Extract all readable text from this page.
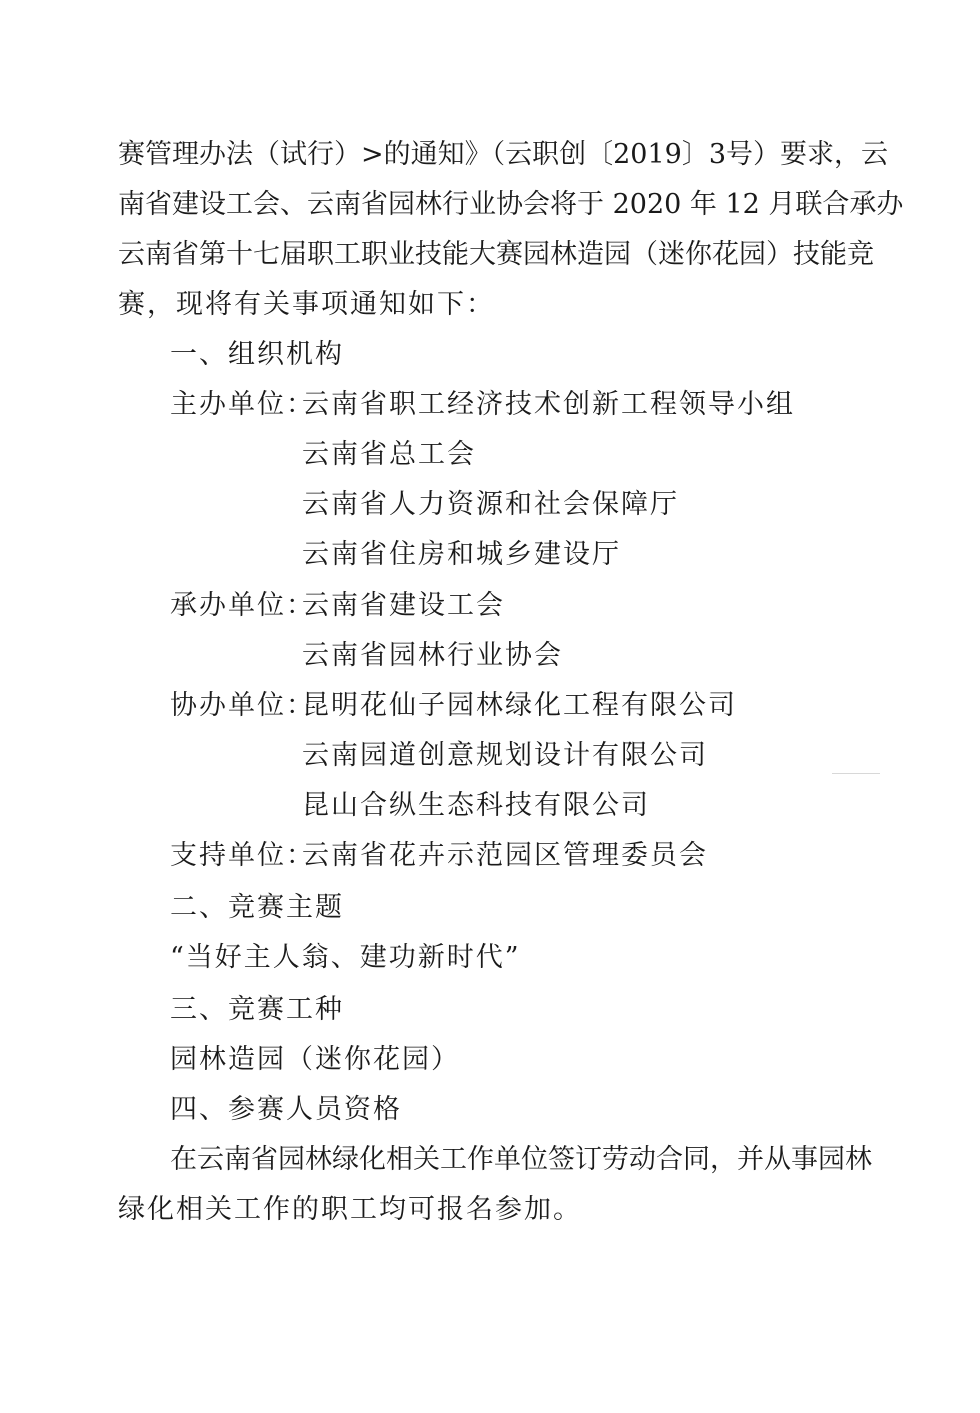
赛管理办法（试行）>的通知》（云职创〔2019〕3号）要求，云
南省建设工会、云南省园林行业协会将于 2020 年 12 月联合承办
云南省第十七届职工职业技能大赛园林造园（迷你花园）技能竞
赛，现将有关事项通知如下：
一、组织机构
主办单位：
云南省职工经济技术创新工程领导小组
云南省总工会
云南省人力资源和社会保障厅
云南省住房和城乡建设厅
承办单位：
云南省建设工会
云南省园林行业协会
协办单位：
昆明花仙子园林绿化工程有限公司
云南园道创意规划设计有限公司
昆山合纵生态科技有限公司
支持单位：
云南省花卉示范园区管理委员会
二、竞赛主题
“当好主人翁、建功新时代”
三、竞赛工种
园林造园（迷你花园）
四、参赛人员资格
在云南省园林绿化相关工作单位签订劳动合同，并从事园林
绿化相关工作的职工均可报名参加。
